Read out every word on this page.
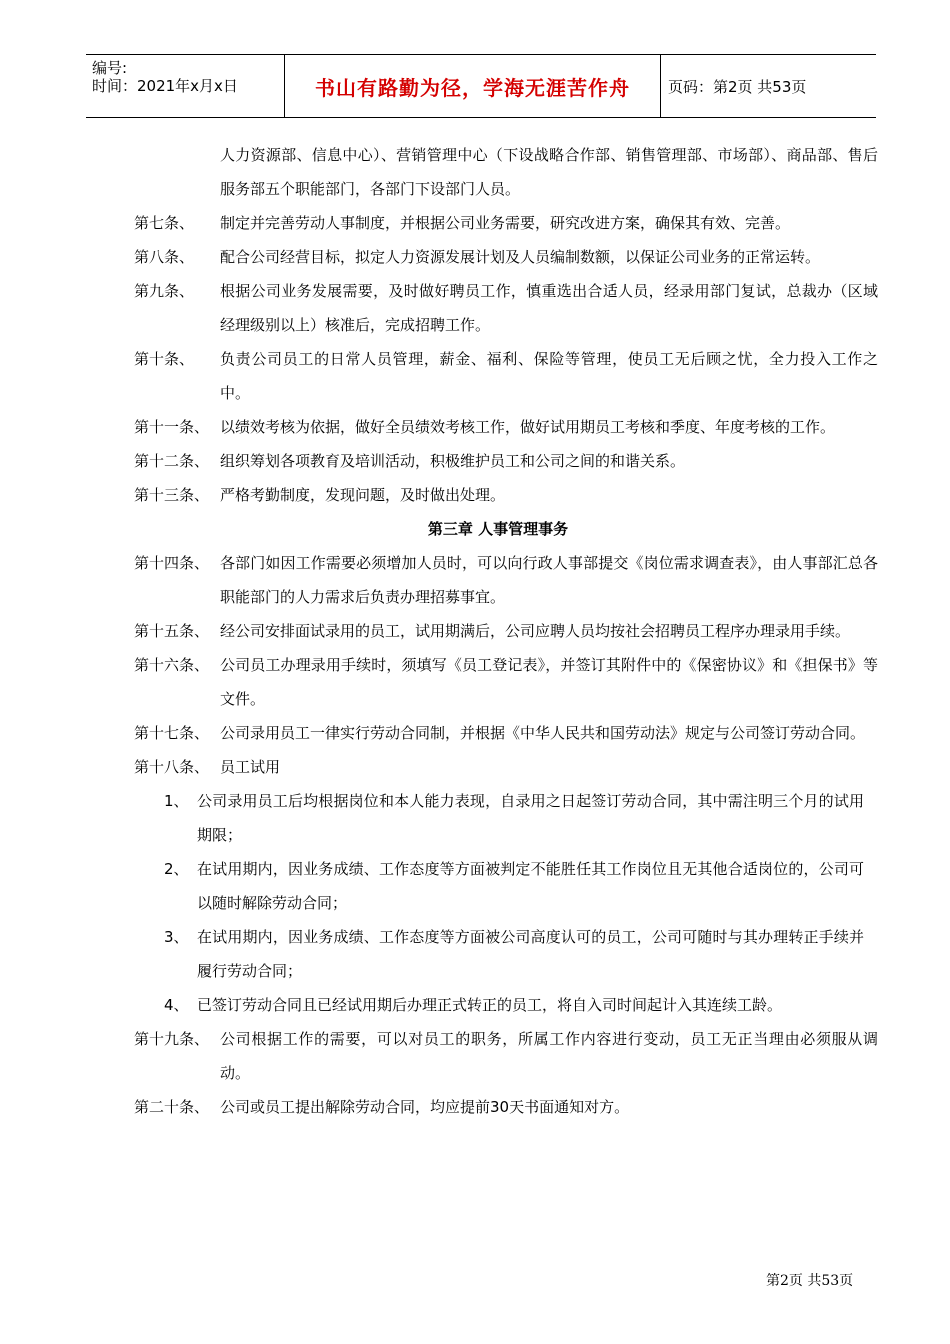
编号:
时间：2021年x月x日	书山有路勤为径，学海无涯苦作舟	页码：第2页 共53页
人力资源部、信息中心）、营销管理中心（下设战略合作部、销售管理部、市场部）、商品部、售后服务部五个职能部门，各部门下设部门人员。
第七条、 制定并完善劳动人事制度，并根据公司业务需要，研究改进方案，确保其有效、完善。
第八条、 配合公司经营目标，拟定人力资源发展计划及人员编制数额，以保证公司业务的正常运转。
第九条、 根据公司业务发展需要，及时做好聘员工作，慎重选出合适人员，经录用部门复试，总裁办（区域经理级别以上）核准后，完成招聘工作。
第十条、 负责公司员工的日常人员管理，薪金、福利、保险等管理，使员工无后顾之忧，全力投入工作之中。
第十一条、 以绩效考核为依据，做好全员绩效考核工作，做好试用期员工考核和季度、年度考核的工作。
第十二条、 组织筹划各项教育及培训活动，积极维护员工和公司之间的和谐关系。
第十三条、 严格考勤制度，发现问题，及时做出处理。
第三章 人事管理事务
第十四条、 各部门如因工作需要必须增加人员时，可以向行政人事部提交《岗位需求调查表》，由人事部汇总各职能部门的人力需求后负责办理招募事宜。
第十五条、 经公司安排面试录用的员工，试用期满后，公司应聘人员均按社会招聘员工程序办理录用手续。
第十六条、 公司员工办理录用手续时，须填写《员工登记表》，并签订其附件中的《保密协议》和《担保书》等文件。
第十七条、 公司录用员工一律实行劳动合同制，并根据《中华人民共和国劳动法》规定与公司签订劳动合同。
第十八条、 员工试用
1、 公司录用员工后均根据岗位和本人能力表现，自录用之日起签订劳动合同，其中需注明三个月的试用期限；
2、 在试用期内，因业务成绩、工作态度等方面被判定不能胜任其工作岗位且无其他合适岗位的，公司可以随时解除劳动合同；
3、 在试用期内，因业务成绩、工作态度等方面被公司高度认可的员工，公司可随时与其办理转正手续并履行劳动合同；
4、 已签订劳动合同且已经试用期后办理正式转正的员工，将自入司时间起计入其连续工龄。
第十九条、 公司根据工作的需要，可以对员工的职务，所属工作内容进行变动，员工无正当理由必须服从调动。
第二十条、 公司或员工提出解除劳动合同，均应提前30天书面通知对方。
第2页 共53页
